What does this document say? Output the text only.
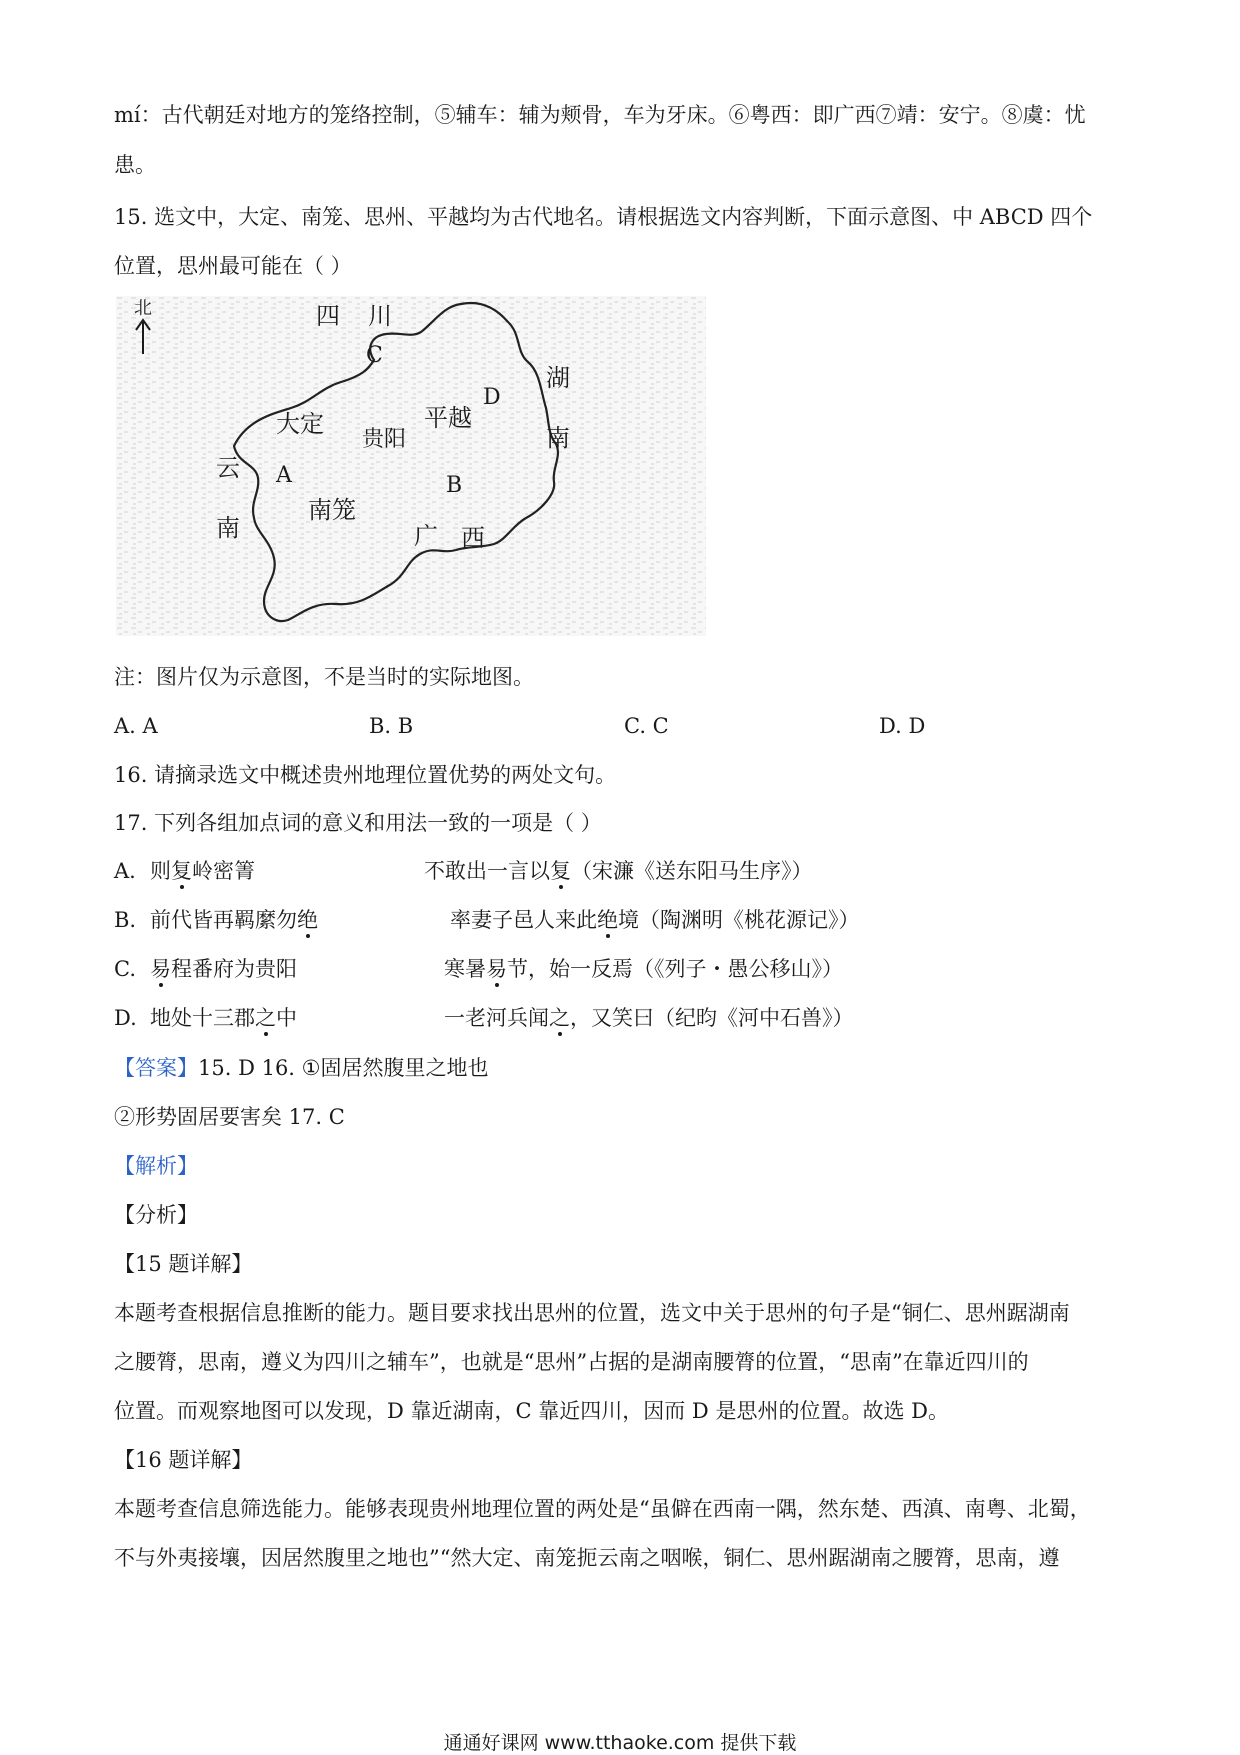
mí：古代朝廷对地方的笼络控制，⑤辅车：辅为颊骨，车为牙床。⑥粤西：即广西⑦靖：安宁。⑧虞：忧
患。
15. 选文中，大定、南笼、思州、平越均为古代地名。请根据选文内容判断，下面示意图、中 ABCD 四个
位置，思州最可能在（ ）
北	四 川
C
D
湖
南
大定	平越
贵阳
云 A
南
B
南笼
广 西
注：图片仅为示意图，不是当时的实际地图。
A. A	B. B	C. C	D. D
16. 请摘录选文中概述贵州地理位置优势的两处文句。
17. 下列各组加点词的意义和用法一致的一项是（ ）
A. 则复岭密箐	不敢出一言以复（宋濂《送东阳马生序》）
B. 前代皆再羁縻勿绝	率妻子邑人来此绝境（陶渊明《桃花源记》）
C. 易程番府为贵阳	寒暑易节，始一反焉（《列子・愚公移山》）
D. 地处十三郡之中	一老河兵闻之，又笑曰（纪昀《河中石兽》）
【答案】15. D 16. ①固居然腹里之地也
②形势固居要害矣 17. C
【解析】
【分析】
【15 题详解】
本题考查根据信息推断的能力。题目要求找出思州的位置，选文中关于思州的句子是“铜仁、思州踞湖南
之腰膂，思南，遵义为四川之辅车”，也就是“思州”占据的是湖南腰膂的位置，“思南”在靠近四川的
位置。而观察地图可以发现，D 靠近湖南，C 靠近四川，因而 D 是思州的位置。故选 D。
【16 题详解】
本题考查信息筛选能力。能够表现贵州地理位置的两处是“虽僻在西南一隅，然东楚、西滇、南粤、北蜀，
不与外夷接壤，因居然腹里之地也”“然大定、南笼扼云南之咽喉，铜仁、思州踞湖南之腰膂，思南，遵
通通好课网 www.tthaoke.com 提供下载
